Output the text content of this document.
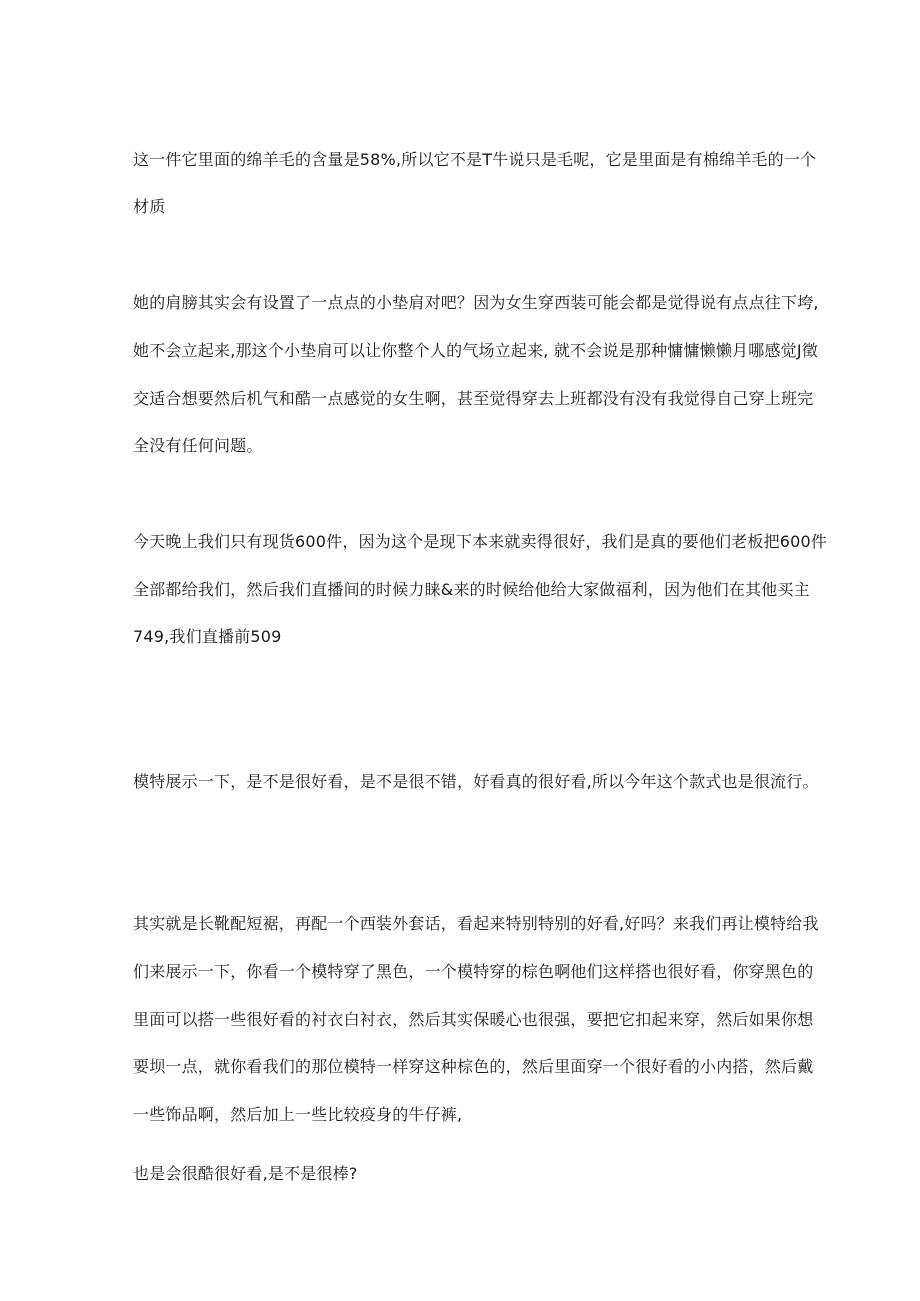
这一件它里面的绵羊毛的含量是58%,所以它不是T牛说只是毛呢，它是里面是有棉绵羊毛的一个
材质
她的肩膀其实会有设置了一点点的小垫肩对吧？因为女生穿西装可能会都是觉得说有点点往下垮,
她不会立起来,那这个小垫肩可以让你整个人的气场立起来, 就不会说是那种慵慵懒懒月哪感觉J徵
交适合想要然后机气和酷一点感觉的女生啊，甚至觉得穿去上班都没有没有我觉得自己穿上班完
全没有任何问题。
今天晚上我们只有现货600件，因为这个是现下本来就卖得很好，我们是真的要他们老板把600件
全部都给我们，然后我们直播间的时候力睐&来的时候给他给大家做福利，因为他们在其他买主
749,我们直播前509
模特展示一下，是不是很好看，是不是很不错，好看真的很好看,所以今年这个款式也是很流行。
其实就是长靴配短裾，再配一个西装外套话，看起来特别特别的好看,好吗？来我们再让模特给我
们来展示一下，你看一个模特穿了黑色，一个模特穿的棕色啊他们这样搭也很好看，你穿黑色的
里面可以搭一些很好看的衬衣白衬衣，然后其实保暖心也很强，要把它扣起来穿，然后如果你想
要坝一点，就你看我们的那位模特一样穿这种棕色的，然后里面穿一个很好看的小内搭，然后戴
一些饰品啊，然后加上一些比较疫身的牛仔裤,
也是会很酷很好看,是不是很棒?
